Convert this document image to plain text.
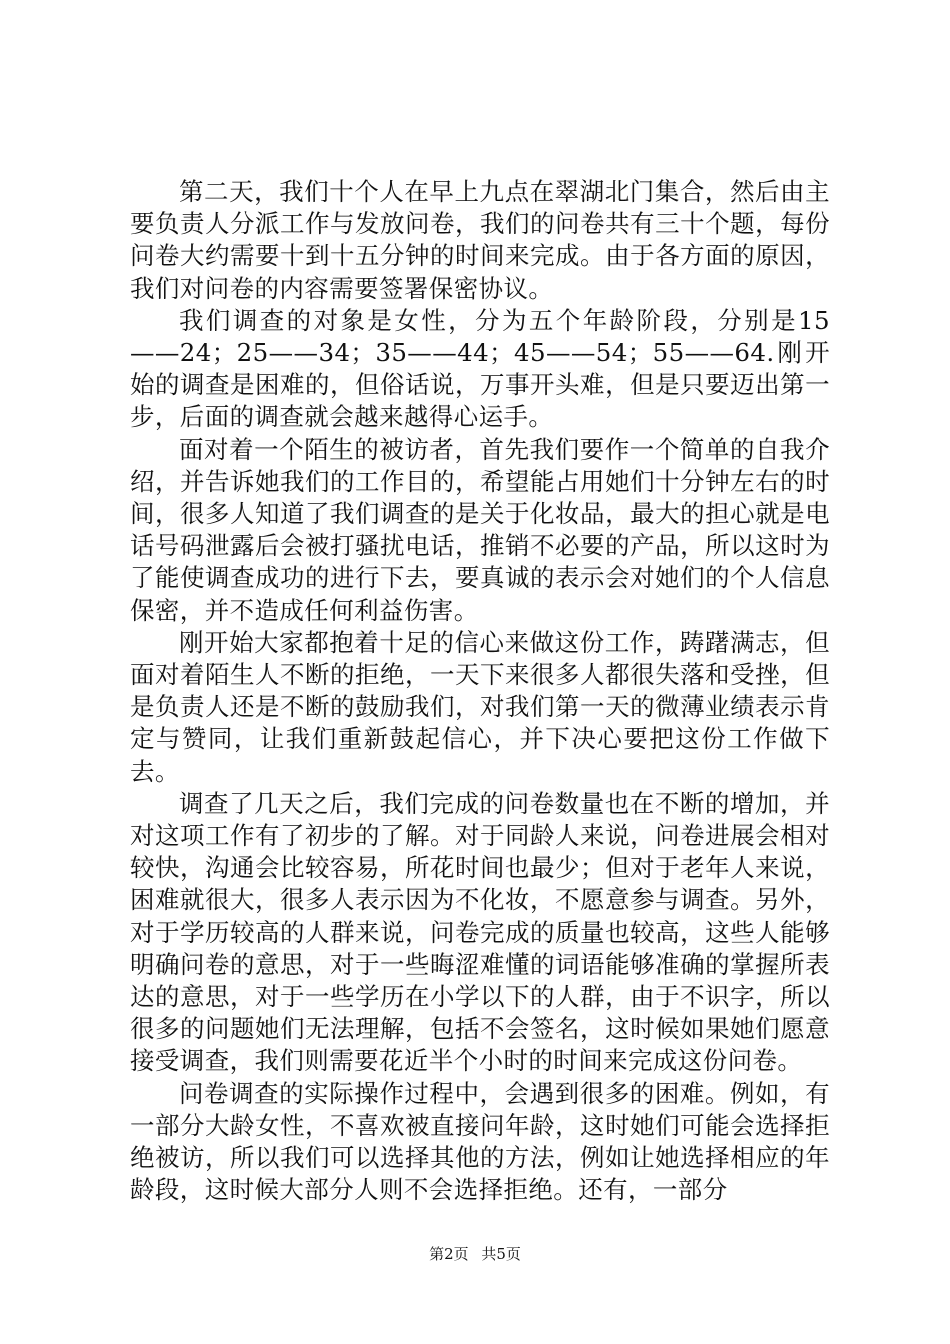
第二天，我们十个人在早上九点在翠湖北门集合，然后由主要负责人分派工作与发放问卷，我们的问卷共有三十个题，每份问卷大约需要十到十五分钟的时间来完成。由于各方面的原因，我们对问卷的内容需要签署保密协议。

我们调查的对象是女性，分为五个年龄阶段，分别是15——24；25——34；35——44；45——54；55——64.刚开始的调查是困难的，但俗话说，万事开头难，但是只要迈出第一步，后面的调查就会越来越得心运手。

面对着一个陌生的被访者，首先我们要作一个简单的自我介绍，并告诉她我们的工作目的，希望能占用她们十分钟左右的时间，很多人知道了我们调查的是关于化妆品，最大的担心就是电话号码泄露后会被打骚扰电话，推销不必要的产品，所以这时为了能使调查成功的进行下去，要真诚的表示会对她们的个人信息保密，并不造成任何利益伤害。

刚开始大家都抱着十足的信心来做这份工作，踌躇满志，但面对着陌生人不断的拒绝，一天下来很多人都很失落和受挫，但是负责人还是不断的鼓励我们，对我们第一天的微薄业绩表示肯定与赞同，让我们重新鼓起信心，并下决心要把这份工作做下去。

调查了几天之后，我们完成的问卷数量也在不断的增加，并对这项工作有了初步的了解。对于同龄人来说，问卷进展会相对较快，沟通会比较容易，所花时间也最少；但对于老年人来说，困难就很大，很多人表示因为不化妆，不愿意参与调查。另外，对于学历较高的人群来说，问卷完成的质量也较高，这些人能够明确问卷的意思，对于一些晦涩难懂的词语能够准确的掌握所表达的意思，对于一些学历在小学以下的人群，由于不识字，所以很多的问题她们无法理解，包括不会签名，这时候如果她们愿意接受调查，我们则需要花近半个小时的时间来完成这份问卷。

问卷调查的实际操作过程中，会遇到很多的困难。例如，有一部分大龄女性，不喜欢被直接问年龄，这时她们可能会选择拒绝被访，所以我们可以选择其他的方法，例如让她选择相应的年龄段，这时候大部分人则不会选择拒绝。还有，一部分

第2页 共5页
